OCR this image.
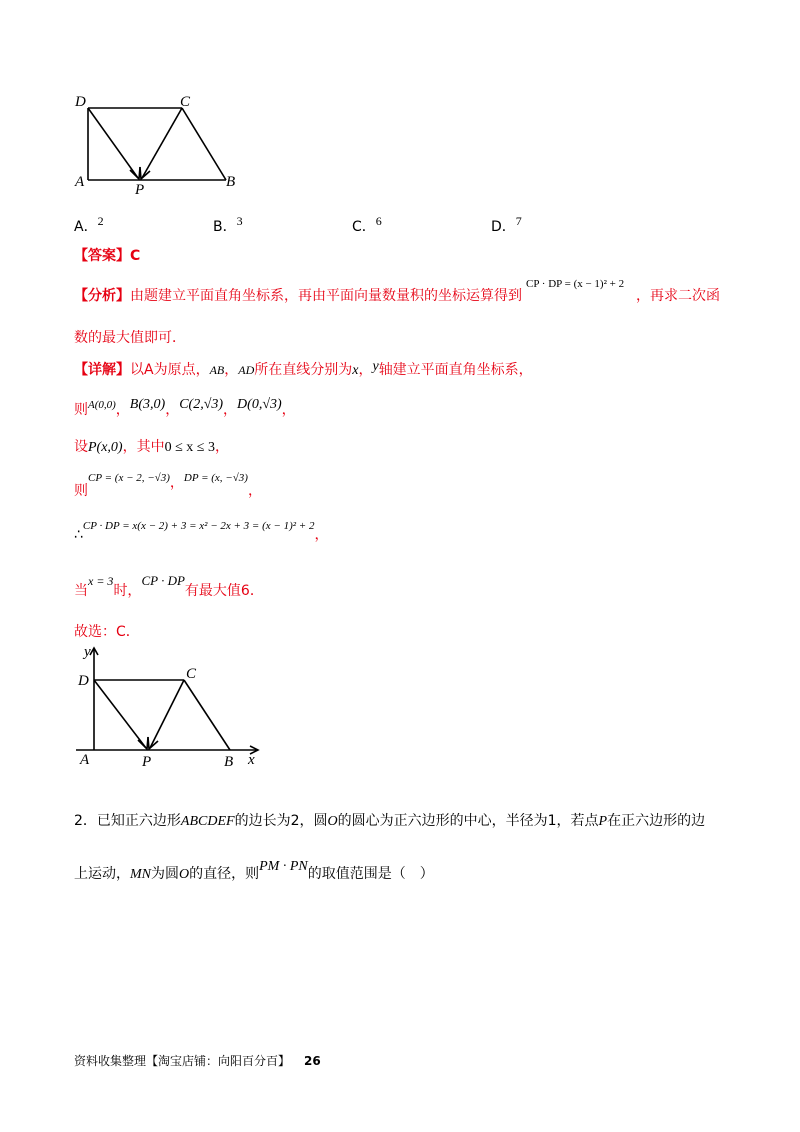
D	C
A	P	B
A．2	B．3	C．6	D．7
【答案】C
【分析】由题建立平面直角坐标系，再由平面向量数量积的坐标运算得到
CP · DP = (x − 1)² + 2
，再求二次函
数的最大值即可．
【详解】以A为原点，AB，AD所在直线分别为x，y轴建立平面直角坐标系，
则A(0,0)，B(3,0)，C(2,√3)，D(0,√3)，
设P(x,0)，其中0 ≤ x ≤ 3，
则CP = (x − 2, −√3)，DP = (x, −√3)，
∴CP · DP = x(x − 2) + 3 = x² − 2x + 3 = (x − 1)² + 2，
当x = 3时，CP · DP有最大值6．
故选：C．
y
D	C
A	P	B x
2．已知正六边形ABCDEF的边长为2，圆O的圆心为正六边形的中心，半径为1，若点P在正六边形的边
上运动，MN为圆O的直径，则PM · PN的取值范围是（　）
资料收集整理【淘宝店铺：向阳百分百】 26
